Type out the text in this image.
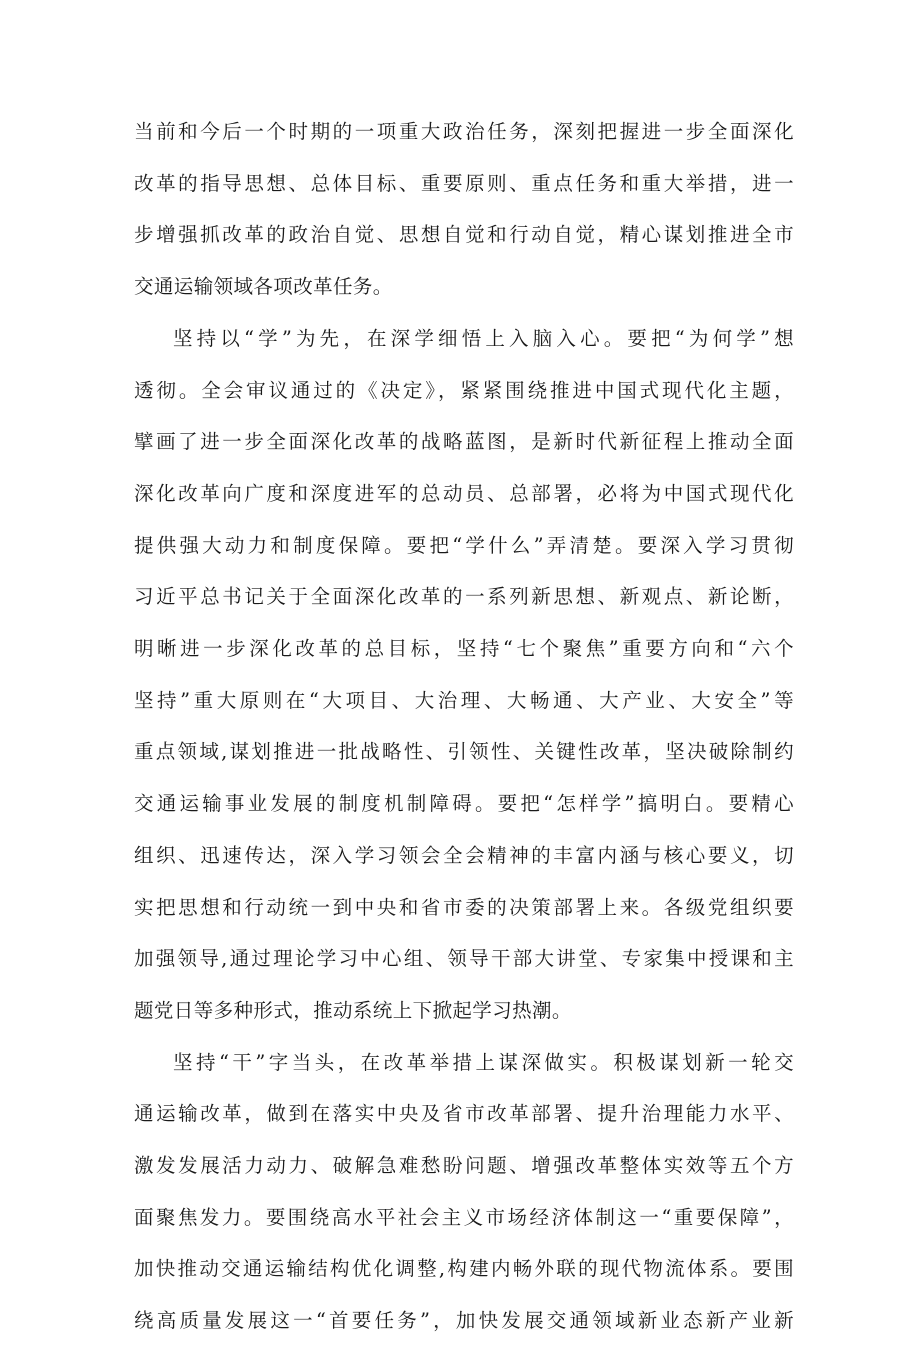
当前和今后一个时期的一项重大政治任务，深刻把握进一步全面深化
改革的指导思想、总体目标、重要原则、重点任务和重大举措，进一
步增强抓改革的政治自觉、思想自觉和行动自觉，精心谋划推进全市
交通运输领域各项改革任务。
坚持以“学”为先，在深学细悟上入脑入心。要把“为何学”想
透彻。全会审议通过的《决定》，紧紧围绕推进中国式现代化主题，
擘画了进一步全面深化改革的战略蓝图，是新时代新征程上推动全面
深化改革向广度和深度进军的总动员、总部署，必将为中国式现代化
提供强大动力和制度保障。要把“学什么”弄清楚。要深入学习贯彻
习近平总书记关于全面深化改革的一系列新思想、新观点、新论断，
明晰进一步深化改革的总目标，坚持“七个聚焦”重要方向和“六个
坚持”重大原则在“大项目、大治理、大畅通、大产业、大安全”等
重点领域,谋划推进一批战略性、引领性、关键性改革，坚决破除制约
交通运输事业发展的制度机制障碍。要把“怎样学”搞明白。要精心
组织、迅速传达，深入学习领会全会精神的丰富内涵与核心要义，切
实把思想和行动统一到中央和省市委的决策部署上来。各级党组织要
加强领导,通过理论学习中心组、领导干部大讲堂、专家集中授课和主
题党日等多种形式，推动系统上下掀起学习热潮。
坚持“干”字当头，在改革举措上谋深做实。积极谋划新一轮交
通运输改革，做到在落实中央及省市改革部署、提升治理能力水平、
激发发展活力动力、破解急难愁盼问题、增强改革整体实效等五个方
面聚焦发力。要围绕高水平社会主义市场经济体制这一“重要保障”，
加快推动交通运输结构优化调整,构建内畅外联的现代物流体系。要围
绕高质量发展这一“首要任务”，加快发展交通领域新业态新产业新
